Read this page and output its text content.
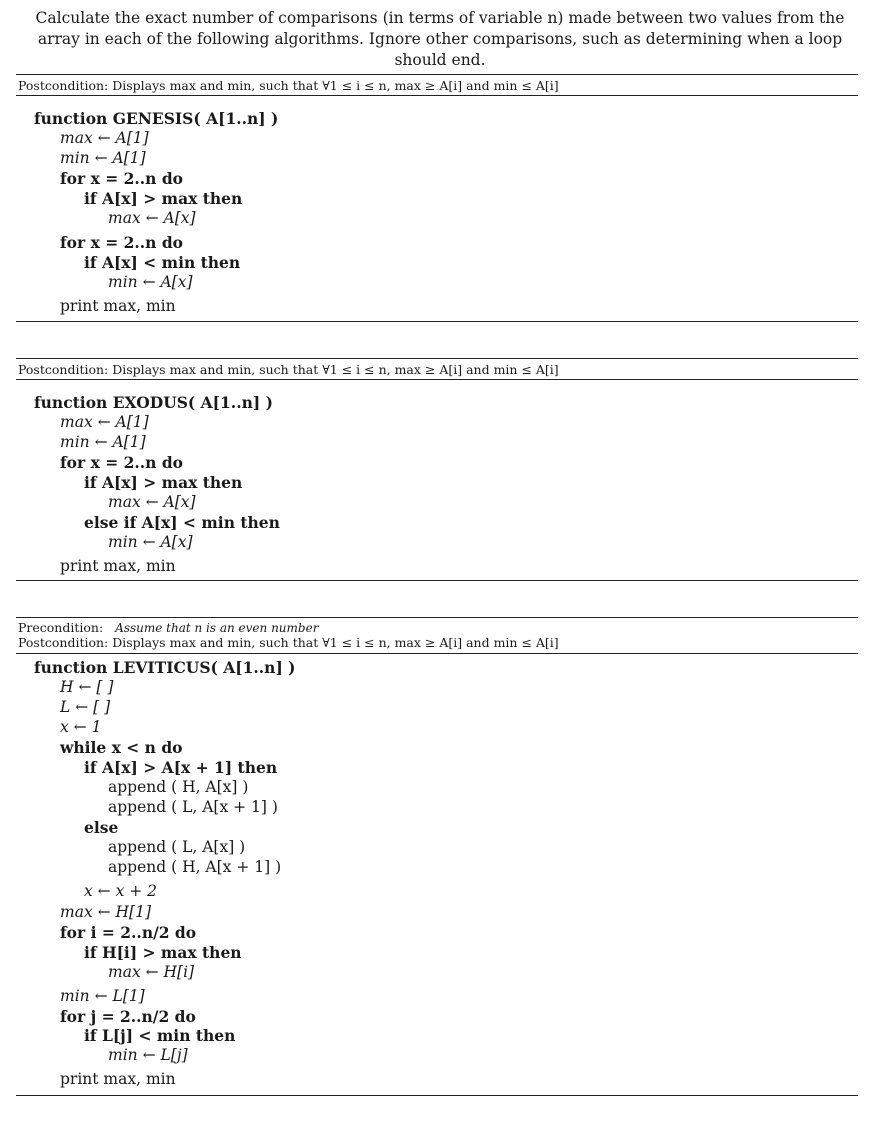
Calculate the exact number of comparisons (in terms of variable n) made between two values from the array in each of the following algorithms. Ignore other comparisons, such as determining when a loop should end.
Postcondition: Displays max and min, such that ∀1 ≤ i ≤ n, max ≥ A[i] and min ≤ A[i]
function GENESIS( A[1..n] )
max ← A[1]
min ← A[1]
for x = 2..n do
if A[x] > max then
max ← A[x]
for x = 2..n do
if A[x] < min then
min ← A[x]
print max, min
Postcondition: Displays max and min, such that ∀1 ≤ i ≤ n, max ≥ A[i] and min ≤ A[i]
function EXODUS( A[1..n] )
max ← A[1]
min ← A[1]
for x = 2..n do
if A[x] > max then
max ← A[x]
else if A[x] < min then
min ← A[x]
print max, min
Precondition: Assume that n is an even number
Postcondition: Displays max and min, such that ∀1 ≤ i ≤ n, max ≥ A[i] and min ≤ A[i]
function LEVITICUS( A[1..n] )
H ← [ ]
L ← [ ]
x ← 1
while x < n do
if A[x] > A[x + 1] then
append ( H, A[x] )
append ( L, A[x + 1] )
else
append ( L, A[x] )
append ( H, A[x + 1] )
x ← x + 2
max ← H[1]
for i = 2..n/2 do
if H[i] > max then
max ← H[i]
min ← L[1]
for j = 2..n/2 do
if L[j] < min then
min ← L[j]
print max, min
